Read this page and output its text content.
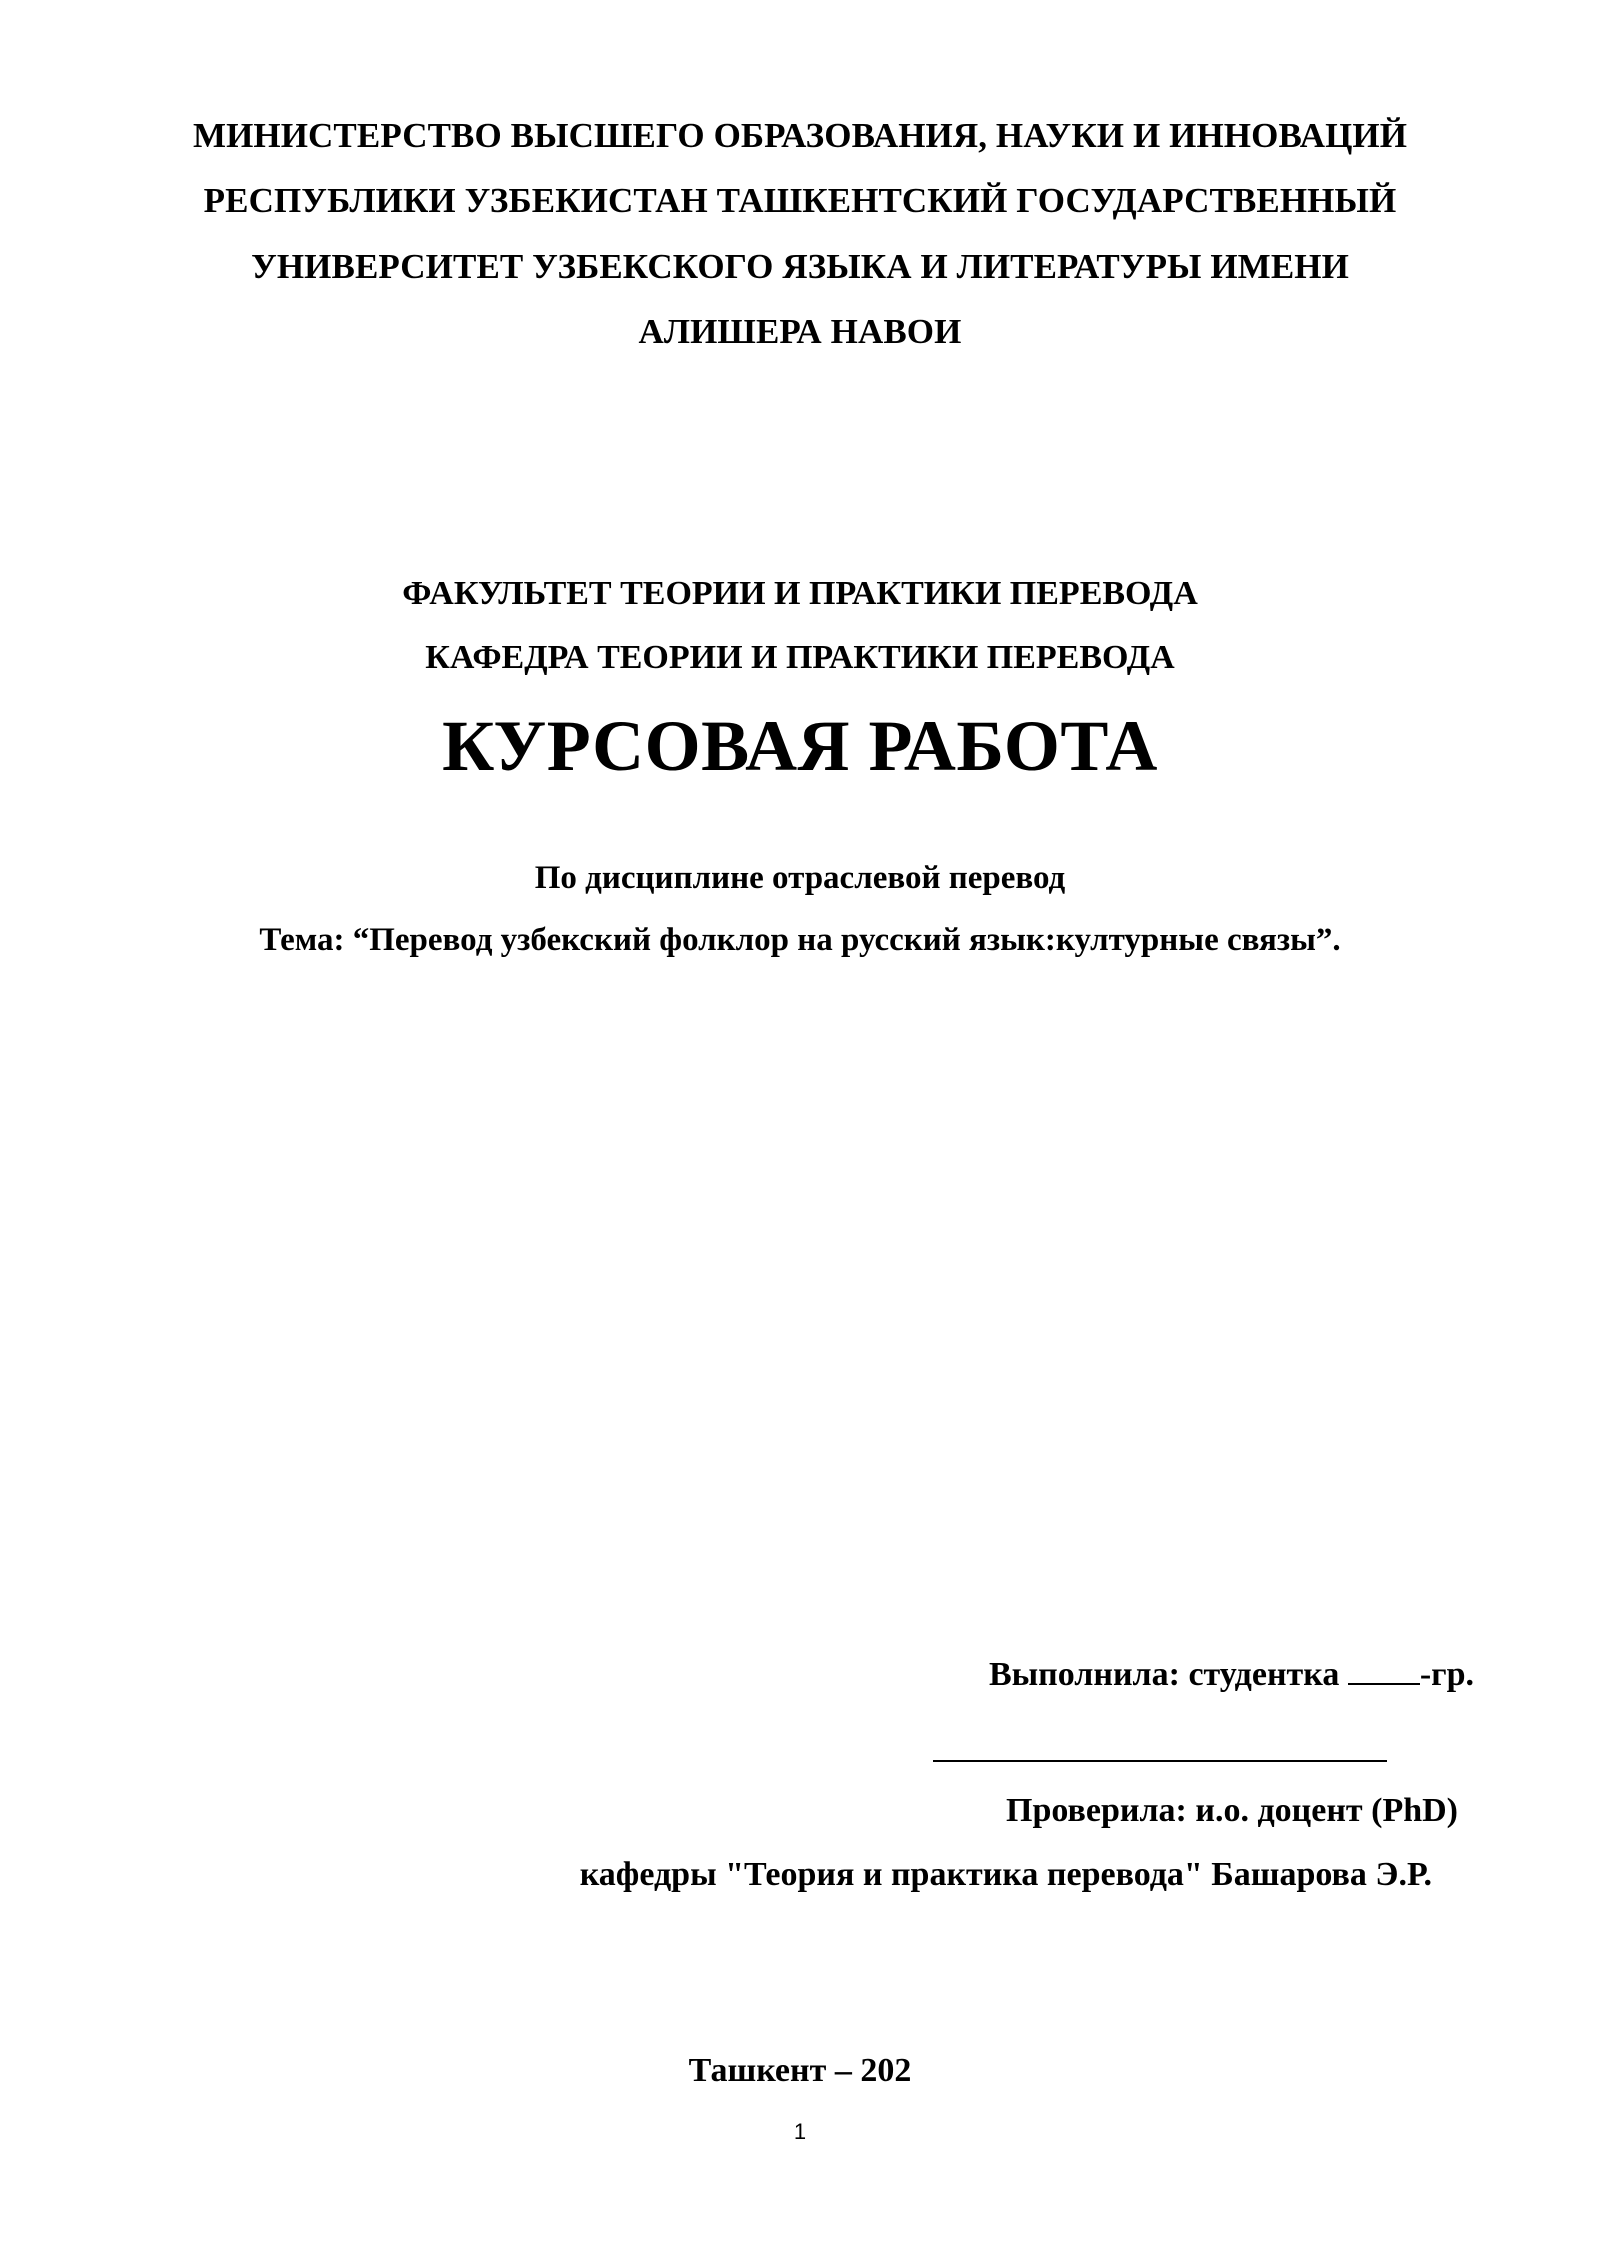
МИНИСТЕРСТВО ВЫСШЕГО ОБРАЗОВАНИЯ, НАУКИ И ИННОВАЦИЙ
РЕСПУБЛИКИ УЗБЕКИСТАН ТАШКЕНТСКИЙ ГОСУДАРСТВЕННЫЙ
УНИВЕРСИТЕТ УЗБЕКСКОГО ЯЗЫКА И ЛИТЕРАТУРЫ ИМЕНИ
АЛИШЕРА НАВОИ
ФАКУЛЬТЕТ ТЕОРИИ И ПРАКТИКИ ПЕРЕВОДА
КАФЕДРА ТЕОРИИ И ПРАКТИКИ ПЕРЕВОДА
КУРСОВАЯ РАБОТА
По дисциплине отраслевой перевод
Тема: “Перевод узбекский фолклор на русский язык:културные связы”.
Выполнила: студентка -гр.
Проверила: и.о. доцент (PhD)
кафедры "Теория и практика перевода" Башарова Э.Р.
Ташкент – 202
1
